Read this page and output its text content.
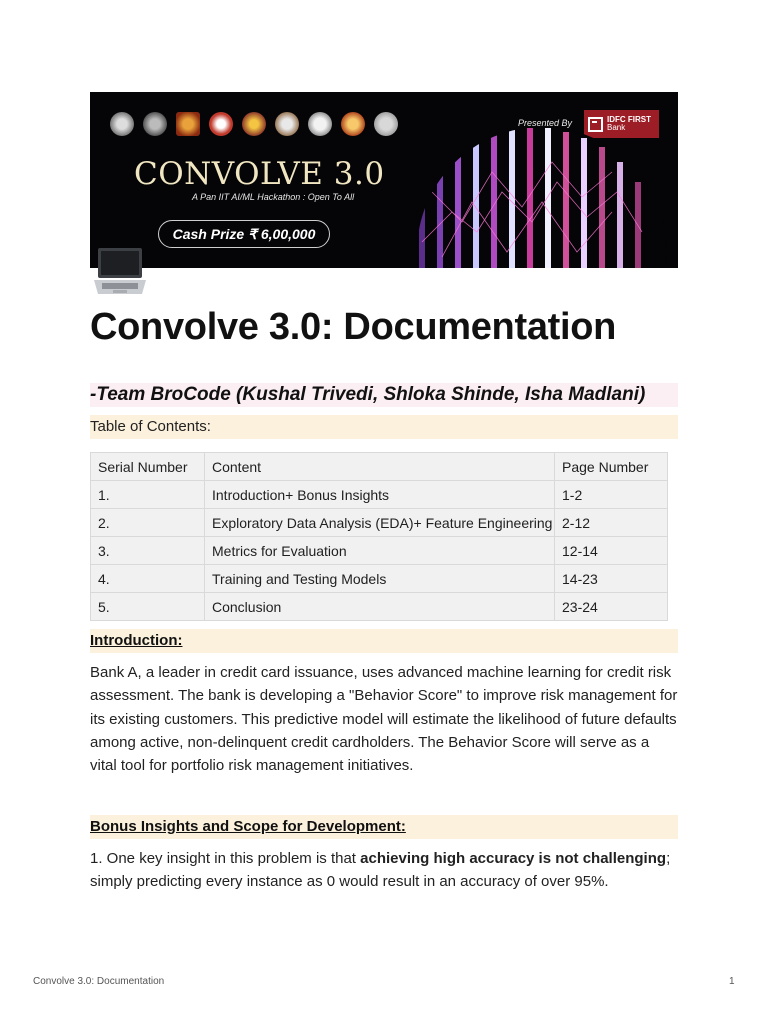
Presented By	IDFC FIRST
Bank
CONVOLVE 3.0
A Pan IIT AI/ML Hackathon : Open To All
Cash Prize ₹ 6,00,000
Convolve 3.0: Documentation
-Team BroCode (Kushal Trivedi, Shloka Shinde, Isha Madlani)
Table of Contents:
Serial Number	Content	Page Number
1.	Introduction+ Bonus Insights	1-2
2.	Exploratory Data Analysis (EDA)+ Feature Engineering	2-12
3.	Metrics for Evaluation	12-14
4.	Training and Testing Models	14-23
5.	Conclusion	23-24
Introduction:

Bank A, a leader in credit card issuance, uses advanced machine learning for credit risk assessment. The bank is developing a "Behavior Score" to improve risk management for its existing customers. This predictive model will estimate the likelihood of future defaults among active, non-delinquent credit cardholders. The Behavior Score will serve as a vital tool for portfolio risk management initiatives.

Bonus Insights and Scope for Development:

1. One key insight in this problem is that achieving high accuracy is not challenging; simply predicting every instance as 0 would result in an accuracy of over 95%.

Convolve 3.0: Documentation	1
